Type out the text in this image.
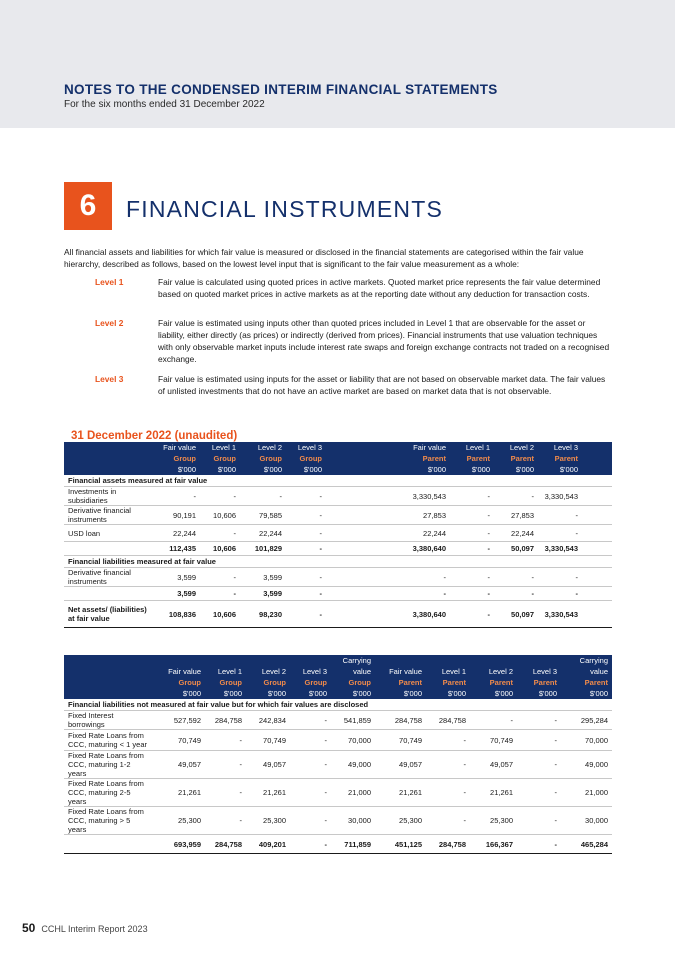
NOTES TO THE CONDENSED INTERIM FINANCIAL STATEMENTS
For the six months ended 31 December 2022
6	FINANCIAL INSTRUMENTS
All financial assets and liabilities for which fair value is measured or disclosed in the financial statements are categorised within the fair value hierarchy, described as follows, based on the lowest level input that is significant to the fair value measurement as a whole:
Level 1	Fair value is calculated using quoted prices in active markets. Quoted market price represents the fair value determined based on quoted market prices in active markets as at the reporting date without any deduction for transaction costs.
Level 2	Fair value is estimated using inputs other than quoted prices included in Level 1 that are observable for the asset or liability, either directly (as prices) or indirectly (derived from prices). Financial instruments that use valuation techniques with only observable market inputs include interest rate swaps and foreign exchange contracts not traded on a recognised exchange.
Level 3	Fair value is estimated using inputs for the asset or liability that are not based on observable market data. The fair values of unlisted investments that do not have an active market are based on market data that is not observable.
31 December 2022 (unaudited)
	Fair value	Level 1	Level 2	Level 3		Fair value	Level 1	Level 2	Level 3	
	Group	Group	Group	Group		Parent	Parent	Parent	Parent	
	$'000	$'000	$'000	$'000		$'000	$'000	$'000	$'000	
Financial assets measured at fair value										
Investments in subsidiaries	-	-	-	-		3,330,543	-	-	3,330,543	
Derivative financial instruments	90,191	10,606	79,585	-		27,853	-	27,853	-	
USD loan	22,244	-	22,244	-		22,244	-	22,244	-	
	112,435	10,606	101,829	-		3,380,640	-	50,097	3,330,543	
Financial liabilities measured at fair value										
Derivative financial instruments	3,599	-	3,599	-		-	-	-	-	
	3,599	-	3,599	-		-	-	-	-	
Net assets/ (liabilities) at fair value	108,836	10,606	98,230	-		3,380,640	-	50,097	3,330,543	
					Carrying					Carrying
	Fair value	Level 1	Level 2	Level 3	value	Fair value	Level 1	Level 2	Level 3	value
	Group	Group	Group	Group	Group	Parent	Parent	Parent	Parent	Parent
	$'000	$'000	$'000	$'000	$'000	$'000	$'000	$'000	$'000	$'000
Financial liabilities not measured at fair value but for which fair values are disclosed										
Fixed Interest borrowings	527,592	284,758	242,834	-	541,859	284,758	284,758	-	-	295,284
Fixed Rate Loans from CCC, maturing < 1 year	70,749	-	70,749	-	70,000	70,749	-	70,749	-	70,000
Fixed Rate Loans from CCC, maturing 1-2 years	49,057	-	49,057	-	49,000	49,057	-	49,057	-	49,000
Fixed Rate Loans from CCC, maturing 2-5 years	21,261	-	21,261	-	21,000	21,261	-	21,261	-	21,000
Fixed Rate Loans from CCC, maturing > 5 years	25,300	-	25,300	-	30,000	25,300	-	25,300	-	30,000
	693,959	284,758	409,201	-	711,859	451,125	284,758	166,367	-	465,284
50 CCHL Interim Report 2023
